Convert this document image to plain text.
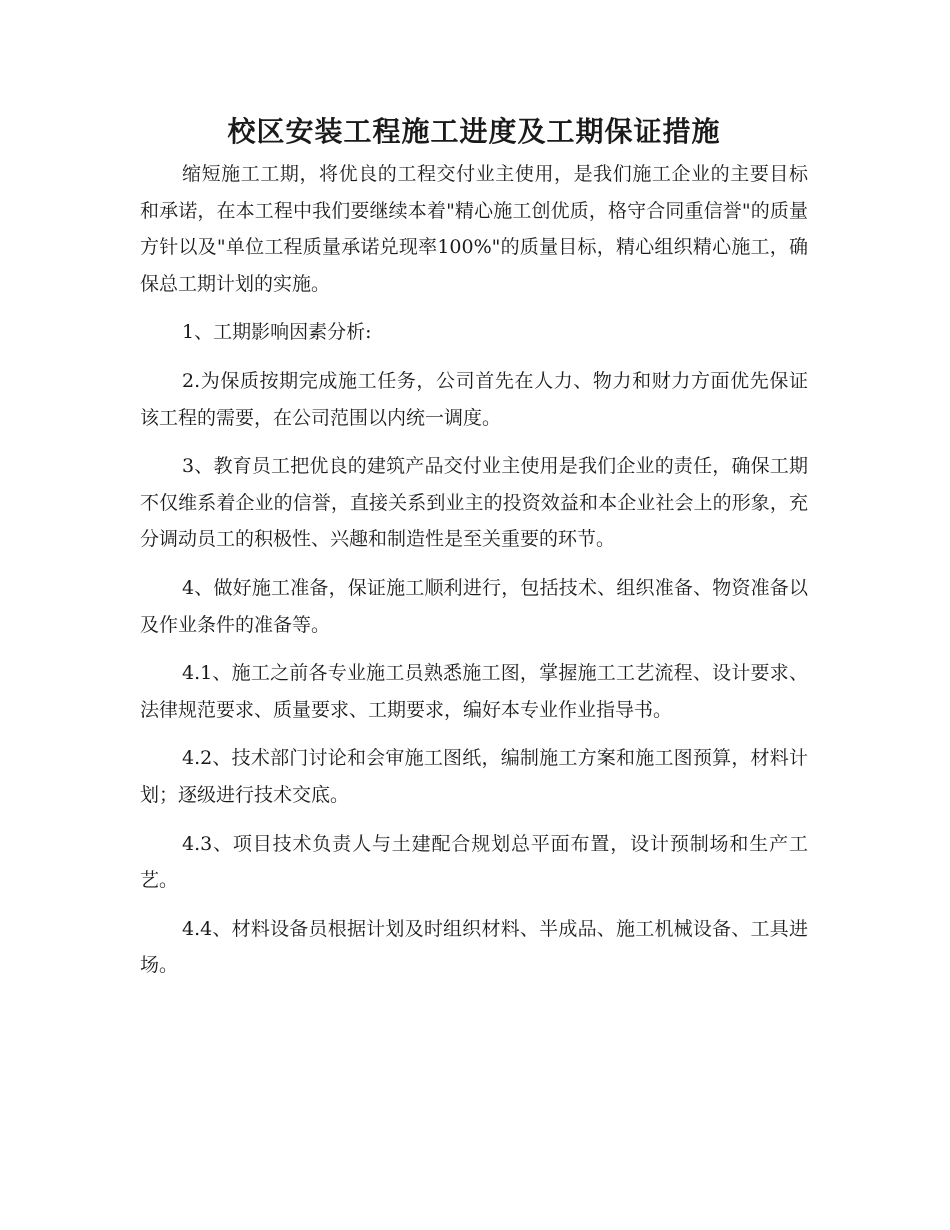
校区安装工程施工进度及工期保证措施

缩短施工工期，将优良的工程交付业主使用，是我们施工企业的主要目标和承诺，在本工程中我们要继续本着"精心施工创优质，格守合同重信誉"的质量方针以及"单位工程质量承诺兑现率100%"的质量目标，精心组织精心施工，确保总工期计划的实施。

1、工期影响因素分析:

2.为保质按期完成施工任务，公司首先在人力、物力和财力方面优先保证该工程的需要，在公司范围以内统一调度。

3、教育员工把优良的建筑产品交付业主使用是我们企业的责任，确保工期不仅维系着企业的信誉，直接关系到业主的投资效益和本企业社会上的形象，充分调动员工的积极性、兴趣和制造性是至关重要的环节。

4、做好施工准备，保证施工顺利进行，包括技术、组织准备、物资准备以及作业条件的准备等。

4.1、施工之前各专业施工员熟悉施工图，掌握施工工艺流程、设计要求、法律规范要求、质量要求、工期要求，编好本专业作业指导书。

4.2、技术部门讨论和会审施工图纸，编制施工方案和施工图预算，材料计划；逐级进行技术交底。

4.3、项目技术负责人与土建配合规划总平面布置，设计预制场和生产工艺。

4.4、材料设备员根据计划及时组织材料、半成品、施工机械设备、工具进场。
